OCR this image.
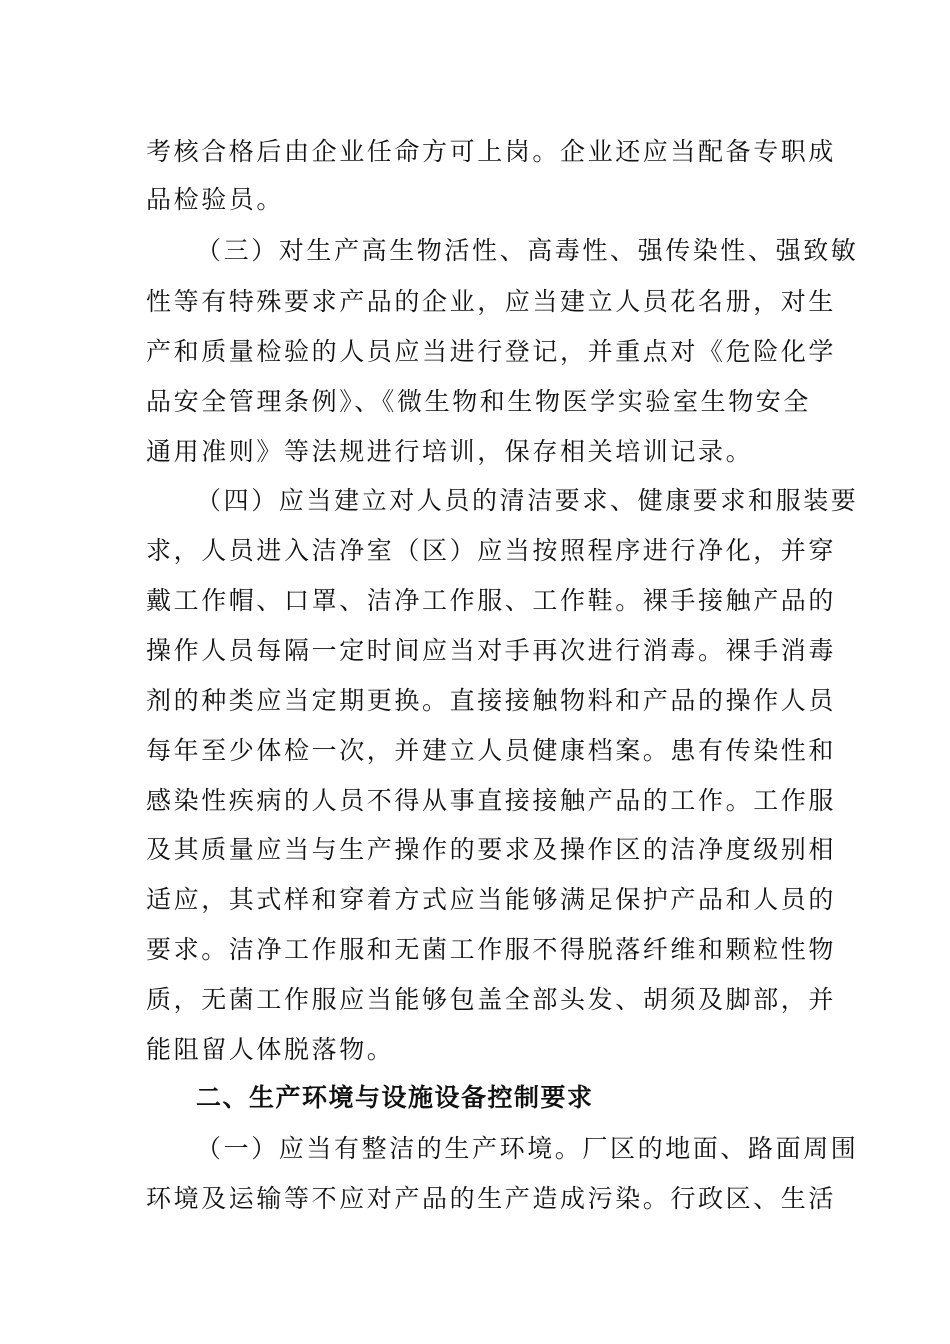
考核合格后由企业任命方可上岗。企业还应当配备专职成
品检验员。
（三）对生产高生物活性、高毒性、强传染性、强致敏
性等有特殊要求产品的企业，应当建立人员花名册，对生
产和质量检验的人员应当进行登记，并重点对《危险化学
品安全管理条例》、《微生物和生物医学实验室生物安全
通用准则》等法规进行培训，保存相关培训记录。
（四）应当建立对人员的清洁要求、健康要求和服装要
求，人员进入洁净室（区）应当按照程序进行净化，并穿
戴工作帽、口罩、洁净工作服、工作鞋。裸手接触产品的
操作人员每隔一定时间应当对手再次进行消毒。裸手消毒
剂的种类应当定期更换。直接接触物料和产品的操作人员
每年至少体检一次，并建立人员健康档案。患有传染性和
感染性疾病的人员不得从事直接接触产品的工作。工作服
及其质量应当与生产操作的要求及操作区的洁净度级别相
适应，其式样和穿着方式应当能够满足保护产品和人员的
要求。洁净工作服和无菌工作服不得脱落纤维和颗粒性物
质，无菌工作服应当能够包盖全部头发、胡须及脚部，并
能阻留人体脱落物。
二、生产环境与设施设备控制要求
（一）应当有整洁的生产环境。厂区的地面、路面周围
环境及运输等不应对产品的生产造成污染。行政区、生活
